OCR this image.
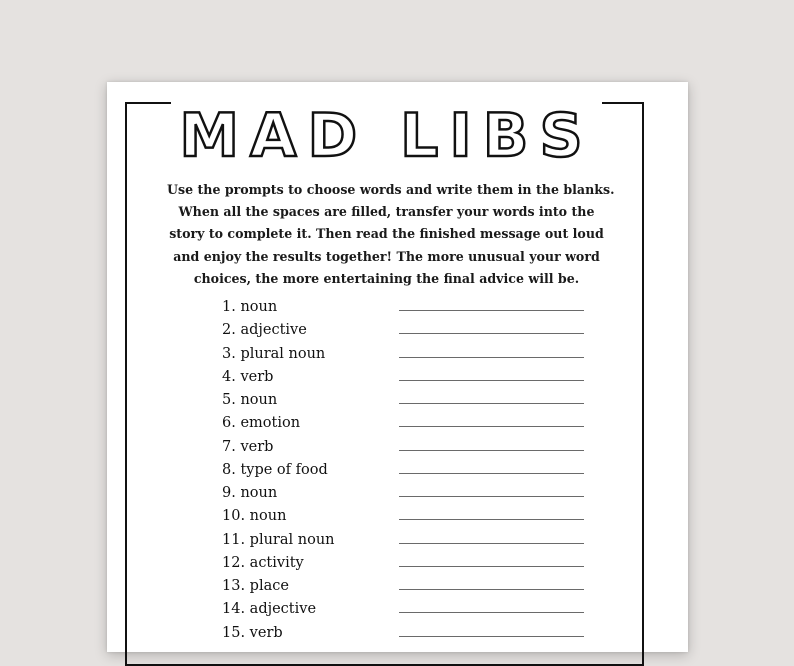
MAD LIBS
Use the prompts to choose words and write them in the blanks.
When all the spaces are filled, transfer your words into the
story to complete it. Then read the finished message out loud
and enjoy the results together! The more unusual your word
choices, the more entertaining the final advice will be.
1. noun
2. adjective
3. plural noun
4. verb
5. noun
6. emotion
7. verb
8. type of food
9. noun
10. noun
11. plural noun
12. activity
13. place
14. adjective
15. verb
